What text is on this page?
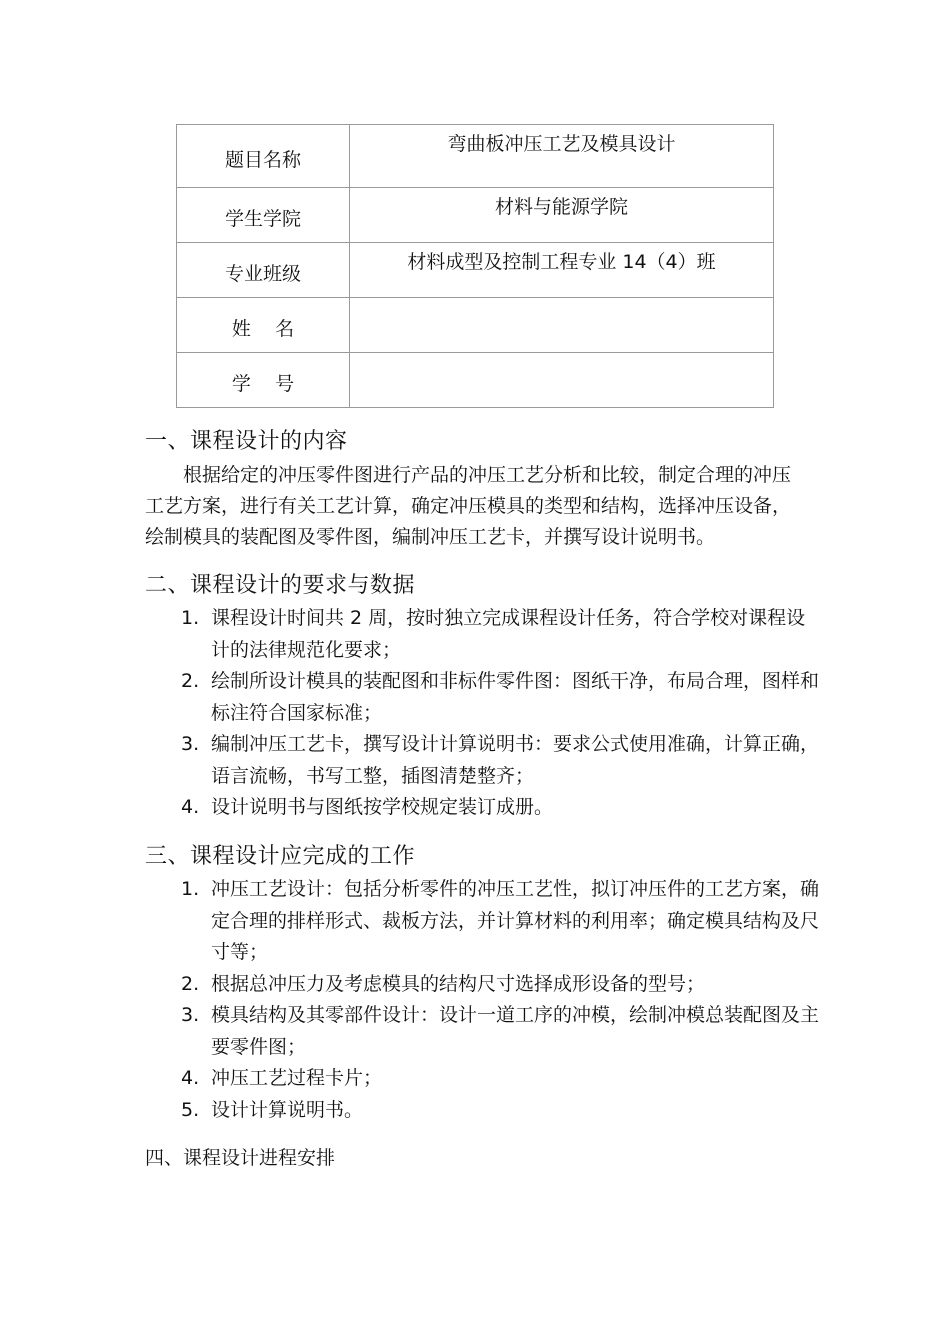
题目名称	弯曲板冲压工艺及模具设计
学生学院	材料与能源学院
专业班级	材料成型及控制工程专业 14（4）班
姓    名	
学    号	
一、课程设计的内容
根据给定的冲压零件图进行产品的冲压工艺分析和比较，制定合理的冲压工艺方案，进行有关工艺计算，确定冲压模具的类型和结构，选择冲压设备，绘制模具的装配图及零件图，编制冲压工艺卡，并撰写设计说明书。
二、课程设计的要求与数据
1. 课程设计时间共 2 周，按时独立完成课程设计任务，符合学校对课程设计的法律规范化要求；
2. 绘制所设计模具的装配图和非标件零件图：图纸干净，布局合理，图样和标注符合国家标准；
3. 编制冲压工艺卡，撰写设计计算说明书：要求公式使用准确，计算正确，语言流畅，书写工整，插图清楚整齐；
4. 设计说明书与图纸按学校规定装订成册。
三、课程设计应完成的工作
1. 冲压工艺设计：包括分析零件的冲压工艺性，拟订冲压件的工艺方案，确定合理的排样形式、裁板方法，并计算材料的利用率；确定模具结构及尺寸等；
2. 根据总冲压力及考虑模具的结构尺寸选择成形设备的型号；
3. 模具结构及其零部件设计：设计一道工序的冲模，绘制冲模总装配图及主要零件图；
4. 冲压工艺过程卡片；
5. 设计计算说明书。
四、课程设计进程安排
